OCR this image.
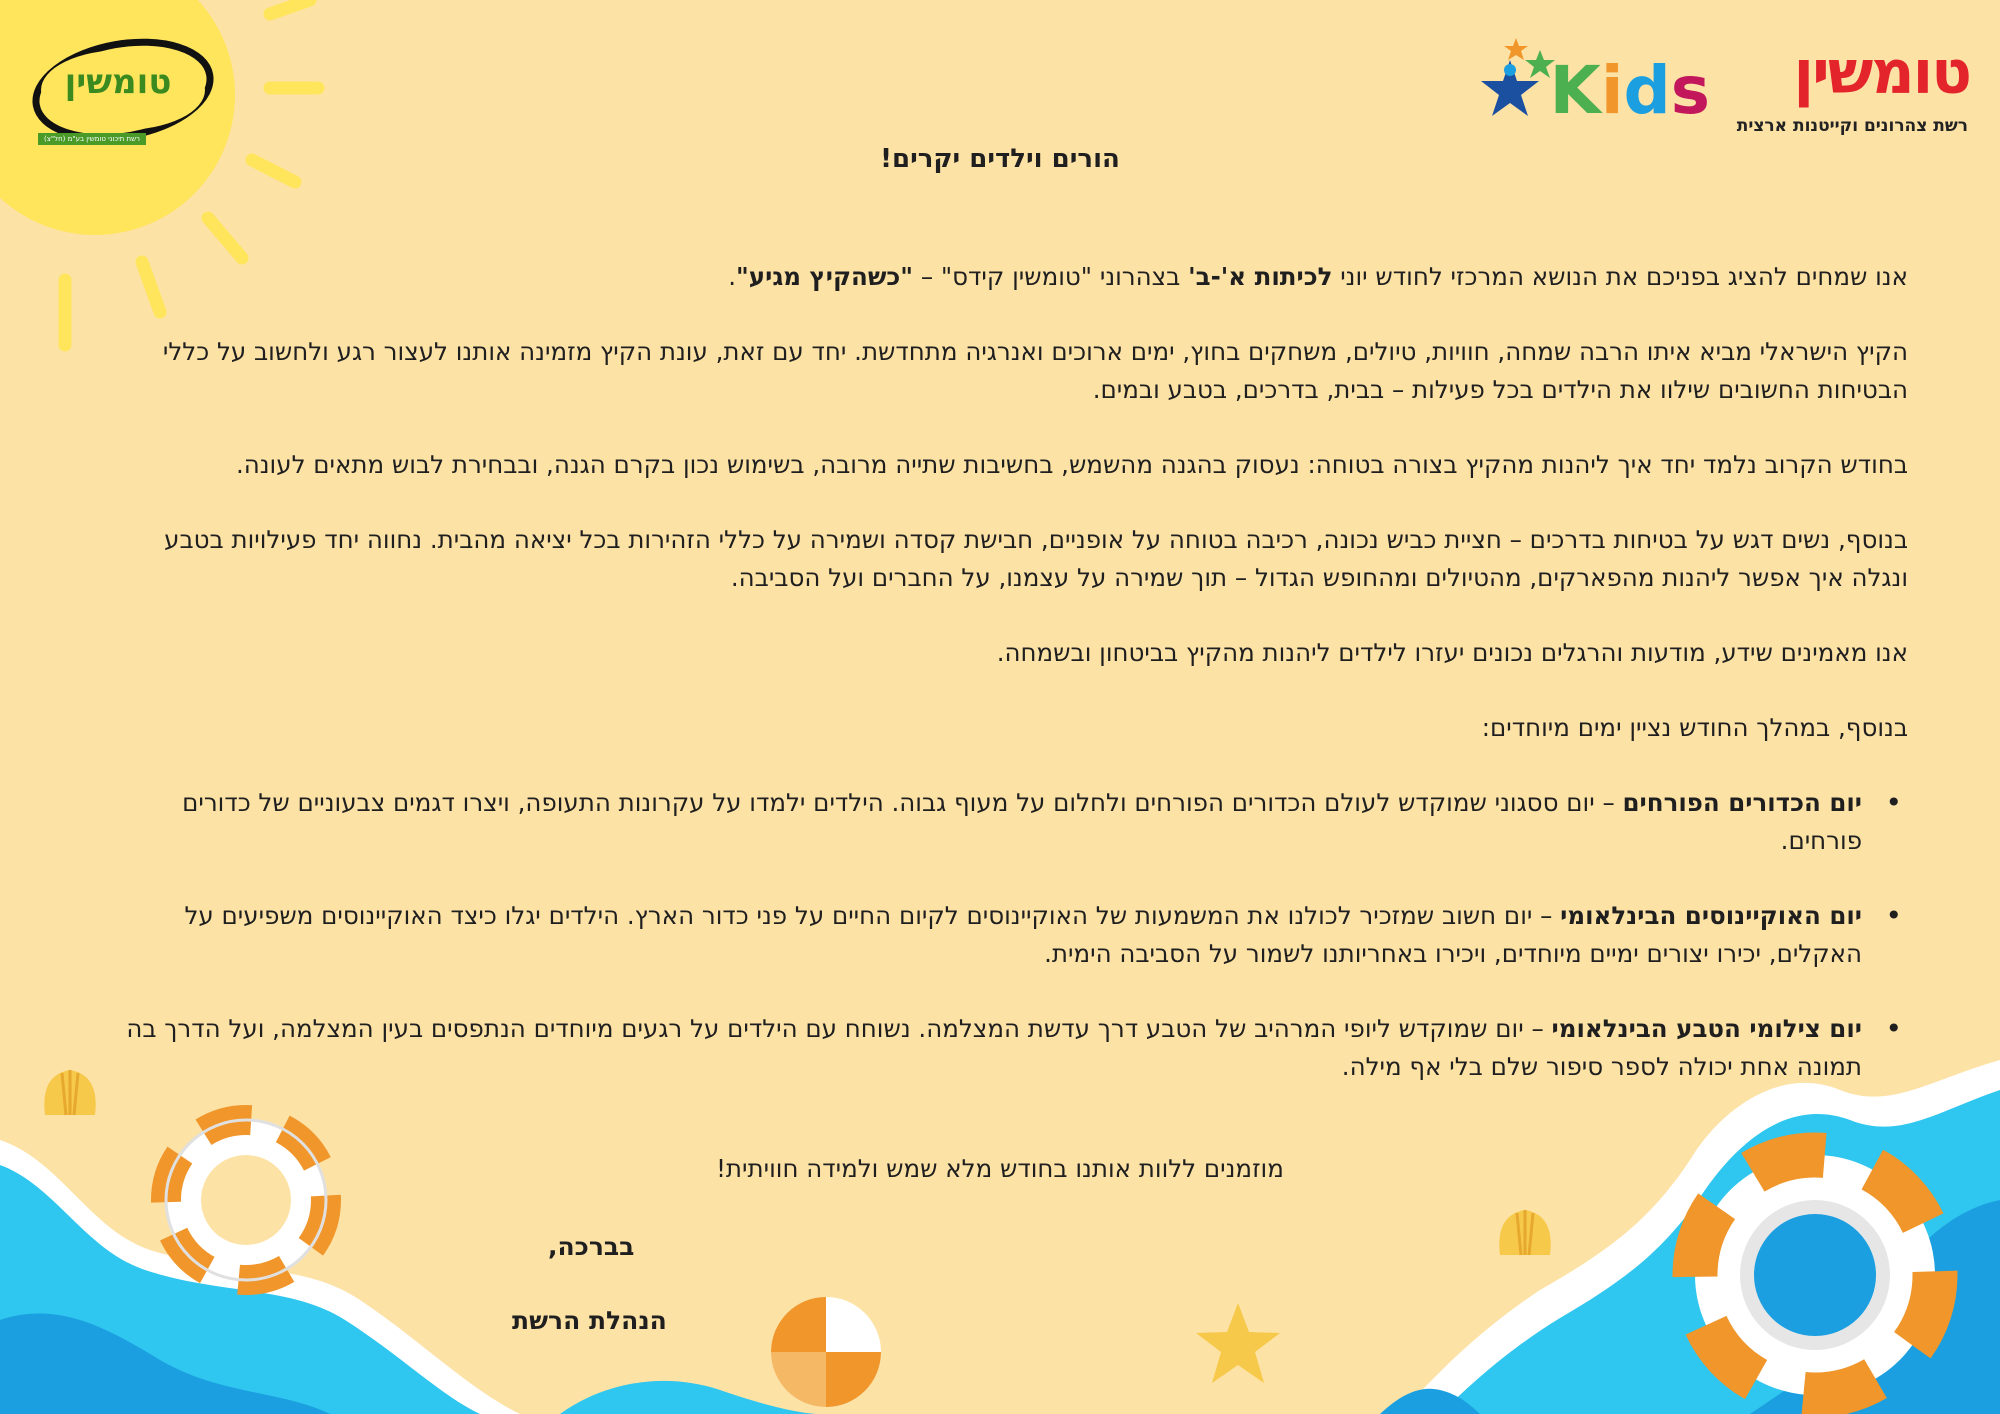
טומשין
רשת תיכוני טומשין בע"מ (חל"צ)
טומשין
Kids רשת צהרונים וקייטנות ארצית
הורים וילדים יקרים!

אנו שמחים להציג בפניכם את הנושא המרכזי לחודש יוני לכיתות א'-ב' בצהרוני "טומשין קידס" – "כשהקיץ מגיע".

הקיץ הישראלי מביא איתו הרבה שמחה, חוויות, טיולים, משחקים בחוץ, ימים ארוכים ואנרגיה מתחדשת. יחד עם זאת, עונת הקיץ מזמינה אותנו לעצור רגע ולחשוב על כללי הבטיחות החשובים שילוו את הילדים בכל פעילות – בבית, בדרכים, בטבע ובמים.

בחודש הקרוב נלמד יחד איך ליהנות מהקיץ בצורה בטוחה: נעסוק בהגנה מהשמש, בחשיבות שתייה מרובה, בשימוש נכון בקרם הגנה, ובבחירת לבוש מתאים לעונה.

בנוסף, נשים דגש על בטיחות בדרכים – חציית כביש נכונה, רכיבה בטוחה על אופניים, חבישת קסדה ושמירה על כללי הזהירות בכל יציאה מהבית. נחווה יחד פעילויות בטבע ונגלה איך אפשר ליהנות מהפארקים, מהטיולים ומהחופש הגדול – תוך שמירה על עצמנו, על החברים ועל הסביבה.

אנו מאמינים שידע, מודעות והרגלים נכונים יעזרו לילדים ליהנות מהקיץ בביטחון ובשמחה.

בנוסף, במהלך החודש נציין ימים מיוחדים:

• יום הכדורים הפורחים – יום ססגוני שמוקדש לעולם הכדורים הפורחים ולחלום על מעוף גבוה. הילדים ילמדו על עקרונות התעופה, ויצרו דגמים צבעוניים של כדורים פורחים.
• יום האוקיינוסים הבינלאומי – יום חשוב שמזכיר לכולנו את המשמעות של האוקיינוסים לקיום החיים על פני כדור הארץ. הילדים יגלו כיצד האוקיינוסים משפיעים על האקלים, יכירו יצורים ימיים מיוחדים, ויכירו באחריותנו לשמור על הסביבה הימית.
• יום צילומי הטבע הבינלאומי – יום שמוקדש ליופי המרהיב של הטבע דרך עדשת המצלמה. נשוחח עם הילדים על רגעים מיוחדים הנתפסים בעין המצלמה, ועל הדרך בה תמונה אחת יכולה לספר סיפור שלם בלי אף מילה.
מוזמנים ללוות אותנו בחודש מלא שמש ולמידה חוויתית!
בברכה,
הנהלת הרשת
